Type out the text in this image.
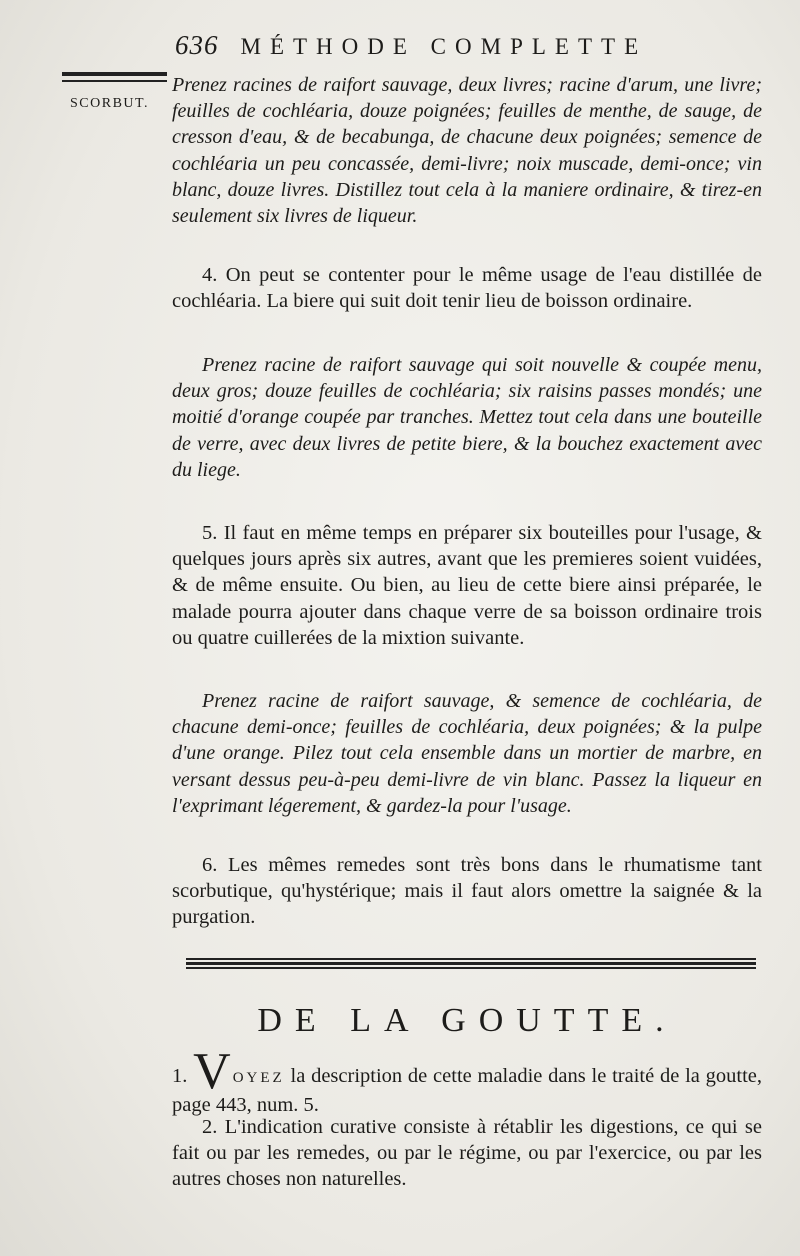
636 MÉTHODE COMPLETTE
SCORBUT.

Prenez racines de raifort sauvage, deux livres; racine d'arum, une livre; feuilles de cochléaria, douze poignées; feuilles de menthe, de sauge, de cresson d'eau, & de becabunga, de chacune deux poignées; semence de cochléaria un peu concassée, demi-livre; noix muscade, demi-once; vin blanc, douze livres. Distillez tout cela à la maniere ordinaire, & tirez-en seulement six livres de liqueur.

4. On peut se contenter pour le même usage de l'eau distillée de cochléaria. La biere qui suit doit tenir lieu de boisson ordinaire.

Prenez racine de raifort sauvage qui soit nouvelle & coupée menu, deux gros; douze feuilles de cochléaria; six raisins passes mondés; une moitié d'orange coupée par tranches. Mettez tout cela dans une bouteille de verre, avec deux livres de petite biere, & la bouchez exactement avec du liege.

5. Il faut en même temps en préparer six bouteilles pour l'usage, & quelques jours après six autres, avant que les premieres soient vuidées, & de même ensuite. Ou bien, au lieu de cette biere ainsi préparée, le malade pourra ajouter dans chaque verre de sa boisson ordinaire trois ou quatre cuillerées de la mixtion suivante.

Prenez racine de raifort sauvage, & semence de cochléaria, de chacune demi-once; feuilles de cochléaria, deux poignées; & la pulpe d'une orange. Pilez tout cela ensemble dans un mortier de marbre, en versant dessus peu-à-peu demi-livre de vin blanc. Passez la liqueur en l'exprimant légerement, & gardez-la pour l'usage.

6. Les mêmes remedes sont très bons dans le rhumatisme tant scorbutique, qu'hystérique; mais il faut alors omettre la saignée & la purgation.

DE LA GOUTTE.

1. V OYEZ la description de cette maladie dans le traité de la goutte, page 443, num. 5.

2. L'indication curative consiste à rétablir les digestions, ce qui se fait ou par les remedes, ou par le régime, ou par l'exercice, ou par les autres choses non naturelles.
